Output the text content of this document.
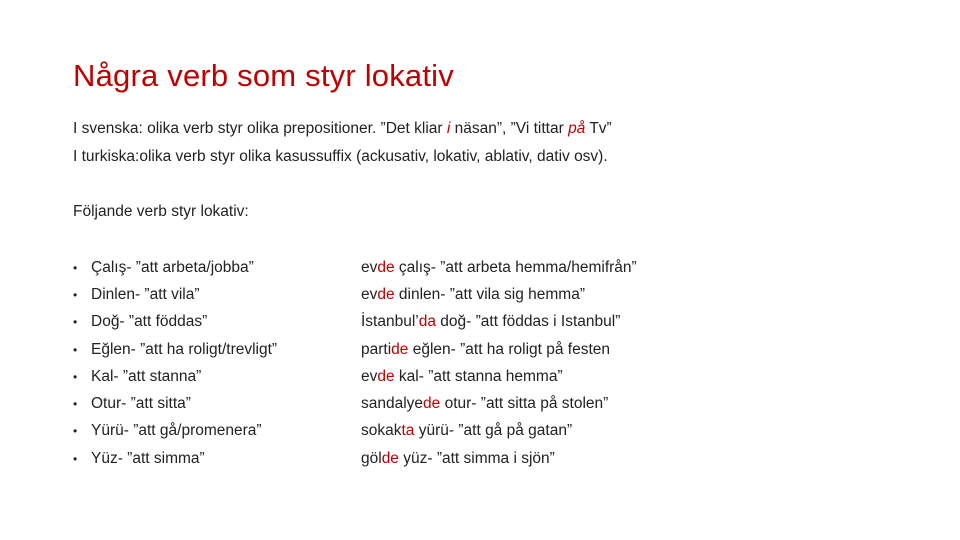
Några verb som styr lokativ
I svenska: olika verb styr olika prepositioner. ”Det kliar i näsan”, ”Vi tittar på Tv”
I turkiska:olika verb styr olika kasussuffix (ackusativ, lokativ, ablativ, dativ osv).
Följande verb styr lokativ:
• Çalış- ”att arbeta/jobba”	evde çalış- ”att arbeta hemma/hemifrån”
• Dinlen- ”att vila”	evde dinlen- ”att vila sig hemma”
• Doğ- ”att föddas”	İstanbul’da doğ- ”att föddas i Istanbul”
• Eğlen- ”att ha roligt/trevligt”	partide eğlen- ”att ha roligt på festen
• Kal- ”att stanna”	evde kal- ”att stanna hemma”
• Otur- ”att sitta”	sandalyede otur- ”att sitta på stolen”
• Yürü- ”att gå/promenera”	sokakta yürü- ”att gå på gatan”
• Yüz- ”att simma”	gölde yüz- ”att simma i sjön”
